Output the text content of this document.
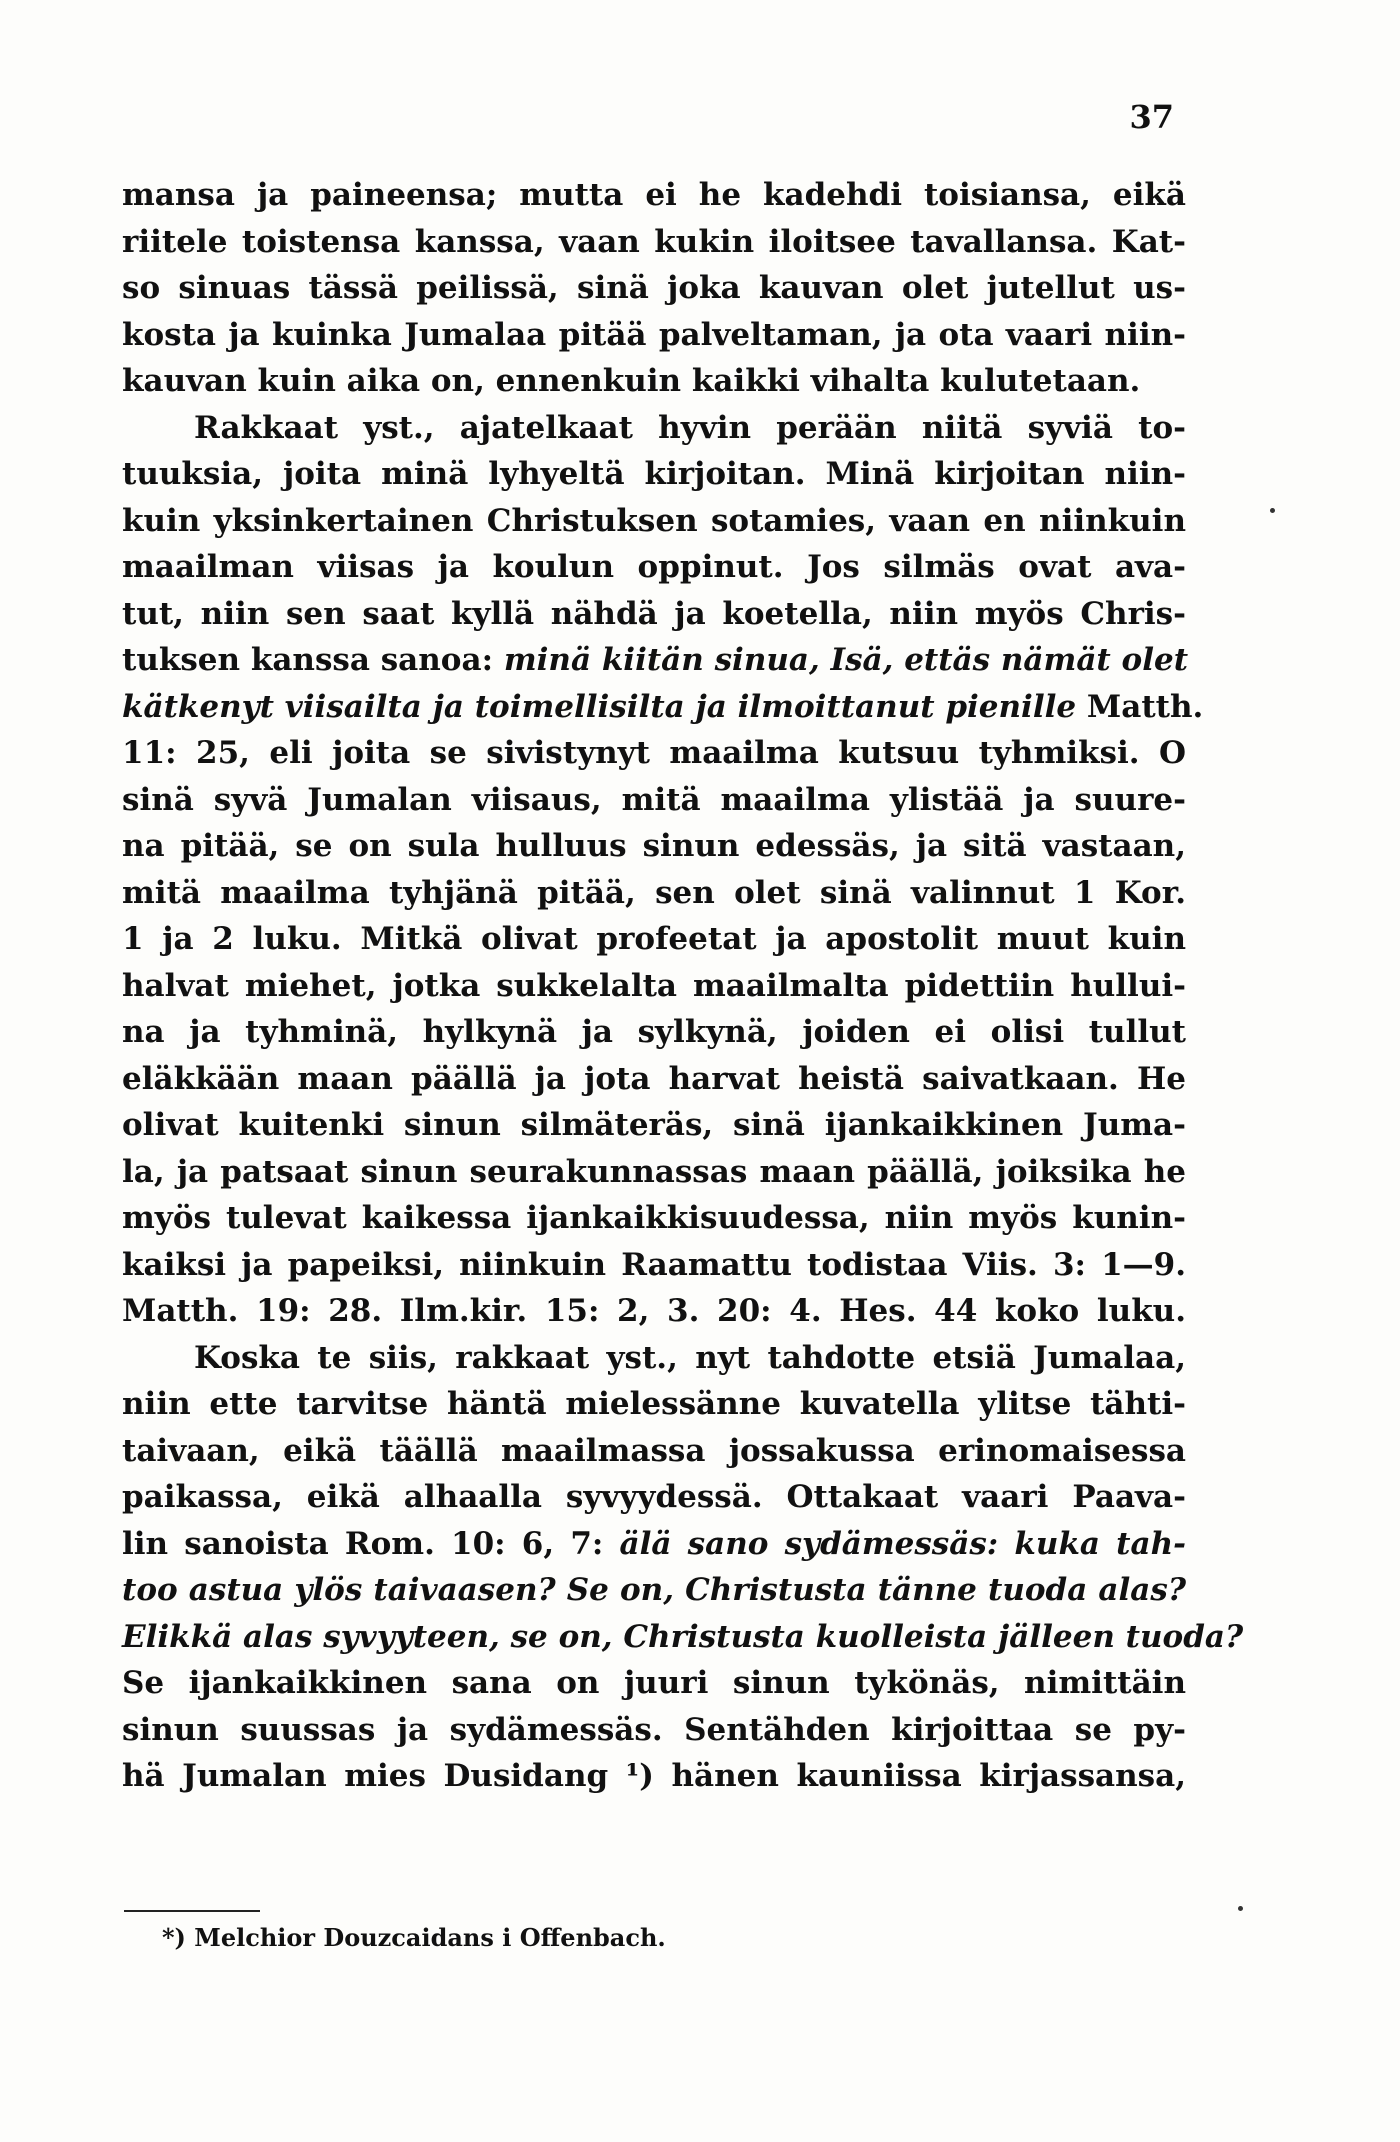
37
mansa ja paineensa; mutta ei he kadehdi toisiansa, eikä
riitele toistensa kanssa, vaan kukin iloitsee tavallansa. Kat-
so sinuas tässä peilissä, sinä joka kauvan olet jutellut us-
kosta ja kuinka Jumalaa pitää palveltaman, ja ota vaari niin-
kauvan kuin aika on, ennenkuin kaikki vihalta kulutetaan.
Rakkaat yst., ajatelkaat hyvin perään niitä syviä to-
tuuksia, joita minä lyhyeltä kirjoitan. Minä kirjoitan niin-
kuin yksinkertainen Christuksen sotamies, vaan en niinkuin
maailman viisas ja koulun oppinut. Jos silmäs ovat ava-
tut, niin sen saat kyllä nähdä ja koetella, niin myös Chris-
tuksen kanssa sanoa: minä kiitän sinua, Isä, ettäs nämät olet
kätkenyt viisailta ja toimellisilta ja ilmoittanut pienille Matth.
11: 25, eli joita se sivistynyt maailma kutsuu tyhmiksi. O
sinä syvä Jumalan viisaus, mitä maailma ylistää ja suure-
na pitää, se on sula hulluus sinun edessäs, ja sitä vastaan,
mitä maailma tyhjänä pitää, sen olet sinä valinnut 1 Kor.
1 ja 2 luku. Mitkä olivat profeetat ja apostolit muut kuin
halvat miehet, jotka sukkelalta maailmalta pidettiin hullui-
na ja tyhminä, hylkynä ja sylkynä, joiden ei olisi tullut
eläkkään maan päällä ja jota harvat heistä saivatkaan. He
olivat kuitenki sinun silmäteräs, sinä ijankaikkinen Juma-
la, ja patsaat sinun seurakunnassas maan päällä, joiksika he
myös tulevat kaikessa ijankaikkisuudessa, niin myös kunin-
kaiksi ja papeiksi, niinkuin Raamattu todistaa Viis. 3: 1—9.
Matth. 19: 28. Ilm.kir. 15: 2, 3. 20: 4. Hes. 44 koko luku.
Koska te siis, rakkaat yst., nyt tahdotte etsiä Jumalaa,
niin ette tarvitse häntä mielessänne kuvatella ylitse tähti-
taivaan, eikä täällä maailmassa jossakussa erinomaisessa
paikassa, eikä alhaalla syvyydessä. Ottakaat vaari Paava-
lin sanoista Rom. 10: 6, 7: älä sano sydämessäs: kuka tah-
too astua ylös taivaasen? Se on, Christusta tänne tuoda alas?
Elikkä alas syvyyteen, se on, Christusta kuolleista jälleen tuoda?
Se ijankaikkinen sana on juuri sinun tykönäs, nimittäin
sinun suussas ja sydämessäs. Sentähden kirjoittaa se py-
hä Jumalan mies Dusidang ¹) hänen kauniissa kirjassansa,
*) Melchior Douzcaidans i Offenbach.
